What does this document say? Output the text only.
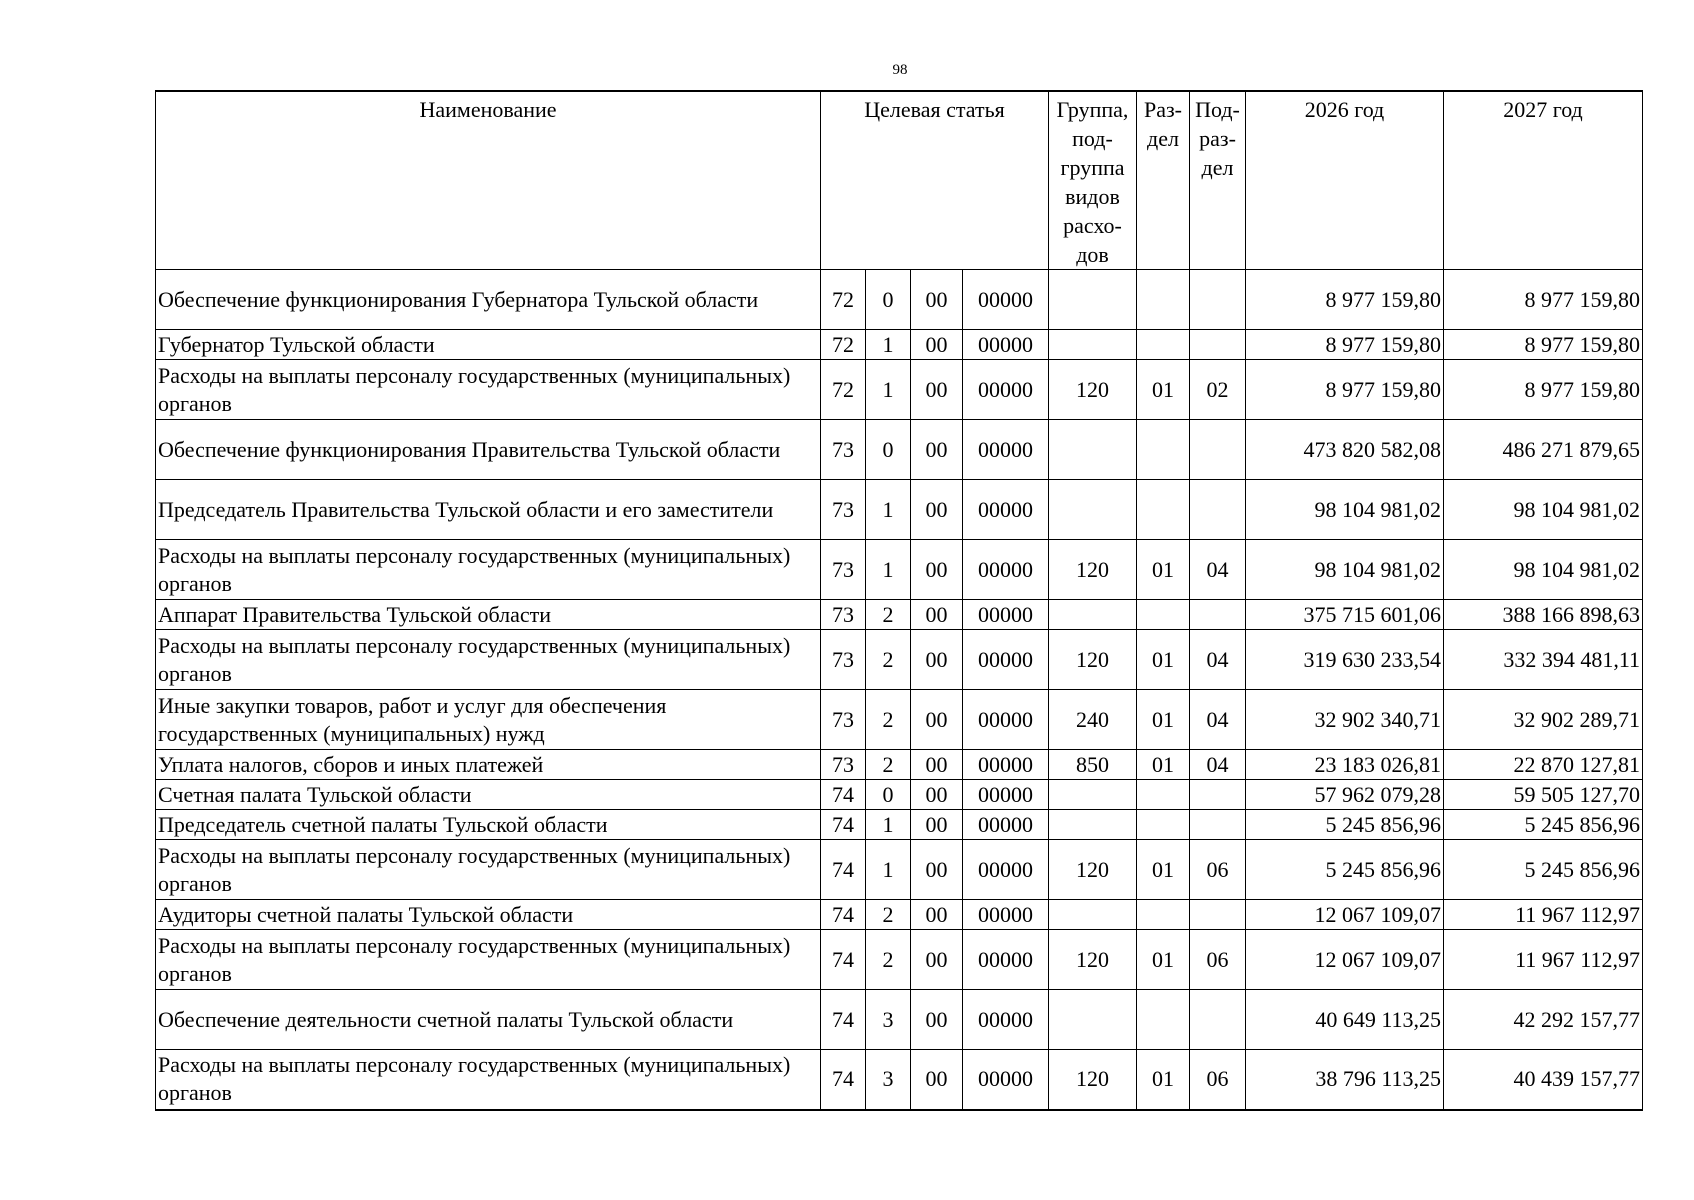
98
Наименование	Целевая статья				Группа, под-группа видов расхо-дов	Раз-дел	Под-раз-дел	2026 год	2027 год
Обеспечение функционирования Губернатора Тульской области	72	0	00	00000				8 977 159,80	8 977 159,80
Губернатор Тульской области	72	1	00	00000				8 977 159,80	8 977 159,80
Расходы на выплаты персоналу государственных (муниципальных) органов	72	1	00	00000	120	01	02	8 977 159,80	8 977 159,80
Обеспечение функционирования Правительства Тульской области	73	0	00	00000				473 820 582,08	486 271 879,65
Председатель Правительства Тульской области и его заместители	73	1	00	00000				98 104 981,02	98 104 981,02
Расходы на выплаты персоналу государственных (муниципальных) органов	73	1	00	00000	120	01	04	98 104 981,02	98 104 981,02
Аппарат Правительства Тульской области	73	2	00	00000				375 715 601,06	388 166 898,63
Расходы на выплаты персоналу государственных (муниципальных) органов	73	2	00	00000	120	01	04	319 630 233,54	332 394 481,11
Иные закупки товаров, работ и услуг для обеспечения государственных (муниципальных) нужд	73	2	00	00000	240	01	04	32 902 340,71	32 902 289,71
Уплата налогов, сборов и иных платежей	73	2	00	00000	850	01	04	23 183 026,81	22 870 127,81
Счетная палата Тульской области	74	0	00	00000				57 962 079,28	59 505 127,70
Председатель счетной палаты Тульской области	74	1	00	00000				5 245 856,96	5 245 856,96
Расходы на выплаты персоналу государственных (муниципальных) органов	74	1	00	00000	120	01	06	5 245 856,96	5 245 856,96
Аудиторы счетной палаты Тульской области	74	2	00	00000				12 067 109,07	11 967 112,97
Расходы на выплаты персоналу государственных (муниципальных) органов	74	2	00	00000	120	01	06	12 067 109,07	11 967 112,97
Обеспечение деятельности счетной палаты Тульской области	74	3	00	00000				40 649 113,25	42 292 157,77
Расходы на выплаты персоналу государственных (муниципальных) органов	74	3	00	00000	120	01	06	38 796 113,25	40 439 157,77
